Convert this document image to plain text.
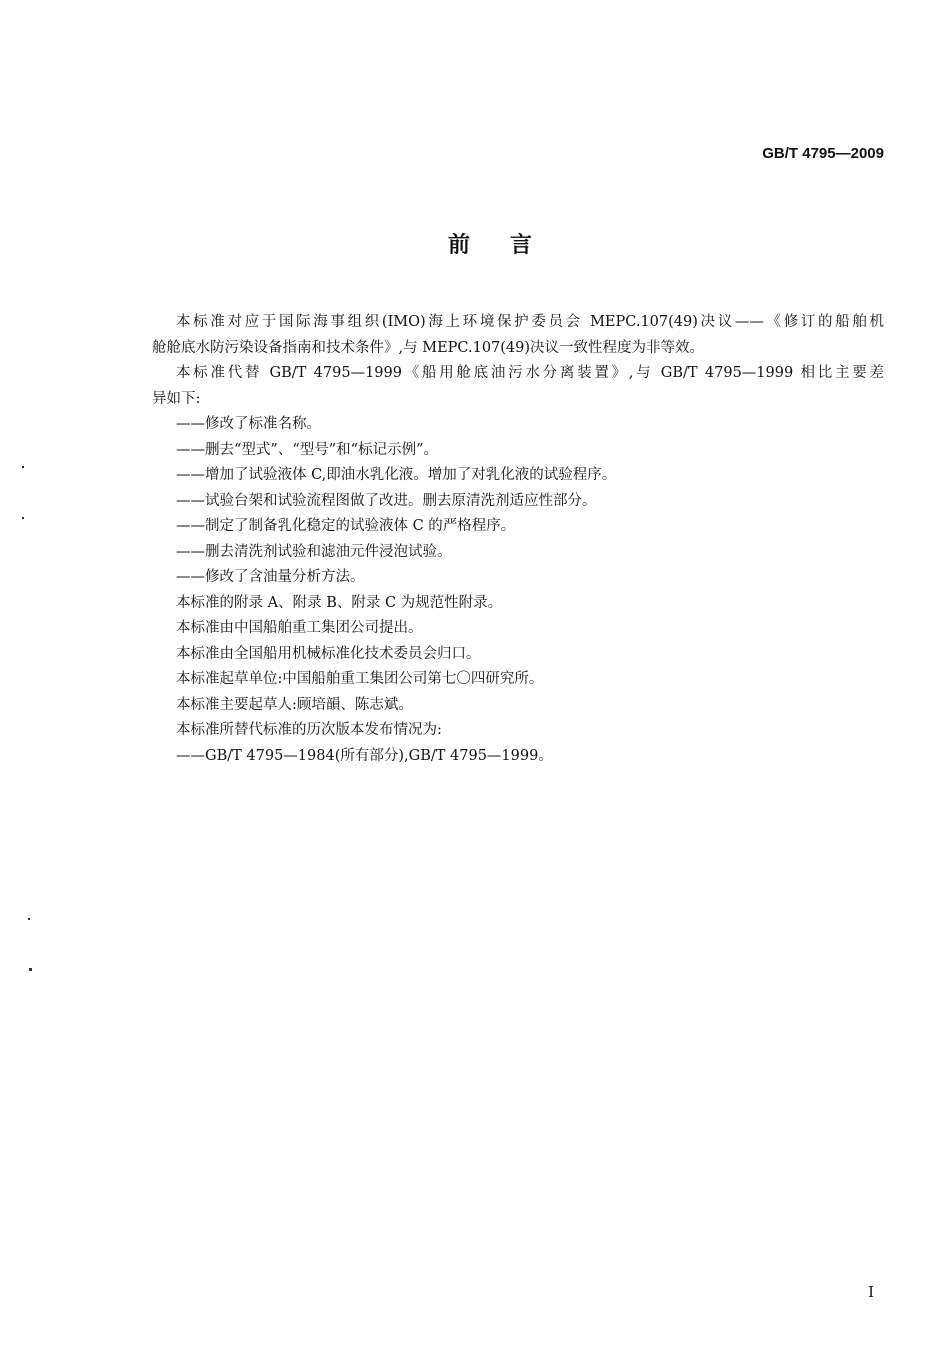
GB/T 4795—2009
前言
本标准对应于国际海事组织(IMO)海上环境保护委员会 MEPC.107(49)决议——《修订的船舶机
舱舱底水防污染设备指南和技术条件》,与 MEPC.107(49)决议一致性程度为非等效。
本标准代替 GB/T 4795—1999《船用舱底油污水分离装置》,与 GB/T 4795—1999 相比主要差
异如下:
——修改了标准名称。
——删去“型式”、“型号”和“标记示例”。
——增加了试验液体 C,即油水乳化液。增加了对乳化液的试验程序。
——试验台架和试验流程图做了改进。删去原清洗剂适应性部分。
——制定了制备乳化稳定的试验液体 C 的严格程序。
——删去清洗剂试验和滤油元件浸泡试验。
——修改了含油量分析方法。
本标准的附录 A、附录 B、附录 C 为规范性附录。
本标准由中国船舶重工集团公司提出。
本标准由全国船用机械标准化技术委员会归口。
本标准起草单位:中国船舶重工集团公司第七〇四研究所。
本标准主要起草人:顾培韻、陈志斌。
本标准所替代标准的历次版本发布情况为:
——GB/T 4795—1984(所有部分),GB/T 4795—1999。
I
